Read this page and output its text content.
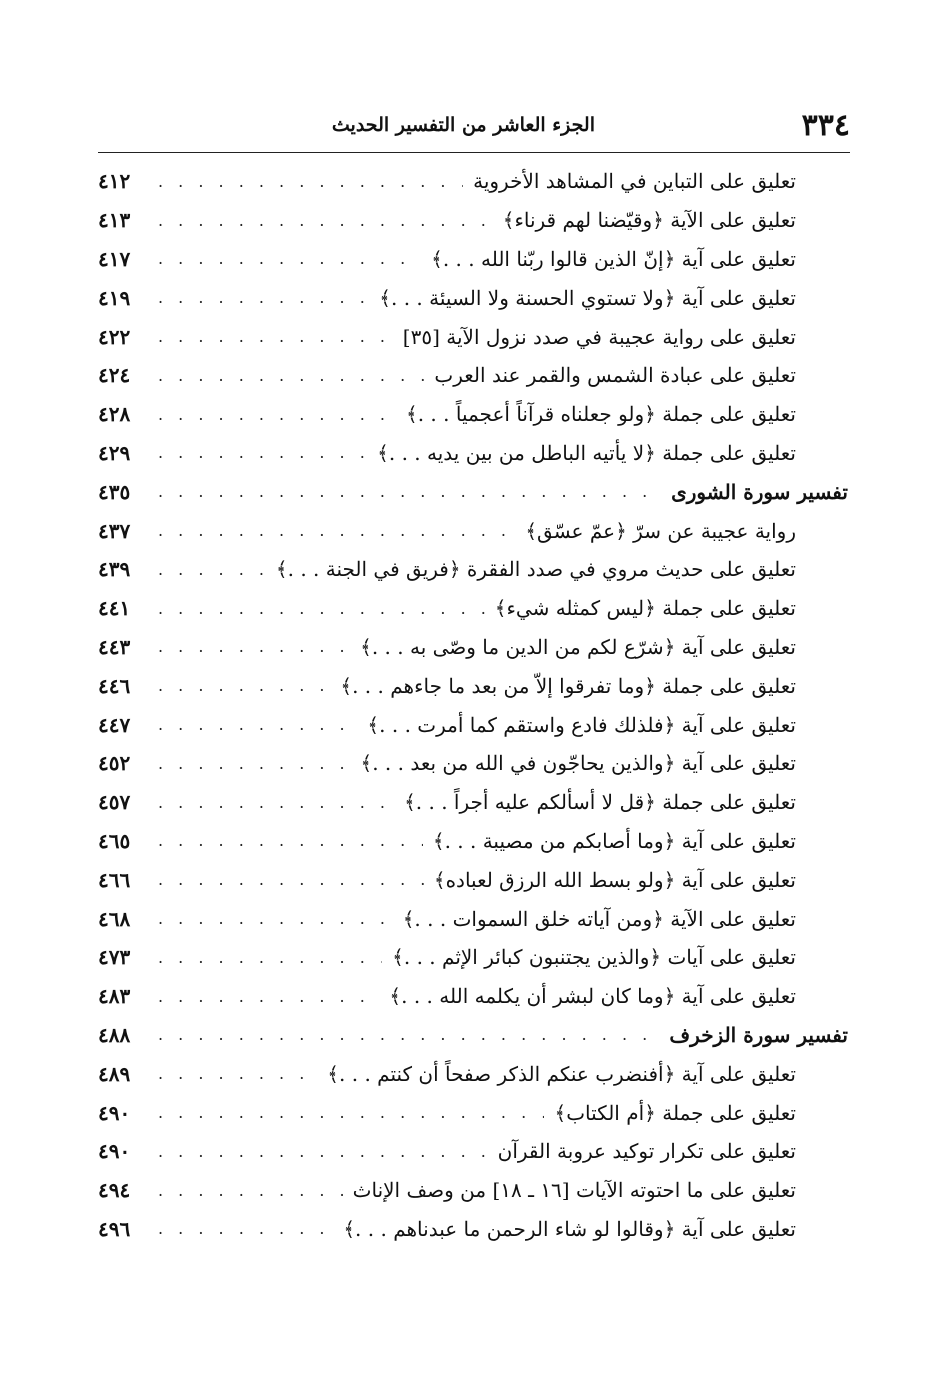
٣٣٤
الجزء العاشر من التفسير الحديث
تعليق على التباين في المشاهد الأخروية
. . .
٤١٢
تعليق على الآية ﴿وقيّضنا لهم قرناء﴾
. . .
٤١٣
تعليق على آية ﴿إنّ الذين قالوا ربّنا الله . . .﴾
. . .
٤١٧
تعليق على آية ﴿ولا تستوي الحسنة ولا السيئة . . .﴾
. . .
٤١٩
تعليق على رواية عجيبة في صدد نزول الآية [٣٥]
. . .
٤٢٢
تعليق على عبادة الشمس والقمر عند العرب
. . .
٤٢٤
تعليق على جملة ﴿ولو جعلناه قرآناً أعجمياً . . .﴾
. . .
٤٢٨
تعليق على جملة ﴿لا يأتيه الباطل من بين يديه . . .﴾
. . .
٤٢٩
تفسير سورة الشورى
. . .
٤٣٥
رواية عجيبة عن سرّ ﴿عمّ عسّق﴾
. . .
٤٣٧
تعليق على حديث مروي في صدد الفقرة ﴿فريق في الجنة . . .﴾
. . .
٤٣٩
تعليق على جملة ﴿ليس كمثله شيء﴾
. . .
٤٤١
تعليق على آية ﴿شرّع لكم من الدين ما وصّى به . . .﴾
. . .
٤٤٣
تعليق على جملة ﴿وما تفرقوا إلاّ من بعد ما جاءهم . . .﴾
. . .
٤٤٦
تعليق على آية ﴿فلذلك فادع واستقم كما أمرت . . .﴾
. . .
٤٤٧
تعليق على آية ﴿والذين يحاجّون في الله من بعد . . .﴾
. . .
٤٥٢
تعليق على جملة ﴿قل لا أسألكم عليه أجراً . . .﴾
. . .
٤٥٧
تعليق على آية ﴿وما أصابكم من مصيبة . . .﴾
. . .
٤٦٥
تعليق على آية ﴿ولو بسط الله الرزق لعباده﴾
. . .
٤٦٦
تعليق على الآية ﴿ومن آياته خلق السموات . . .﴾
. . .
٤٦٨
تعليق على آيات ﴿والذين يجتنبون كبائر الإثم . . .﴾
. . .
٤٧٣
تعليق على آية ﴿وما كان لبشر أن يكلمه الله . . .﴾
. . .
٤٨٣
تفسير سورة الزخرف
. . .
٤٨٨
تعليق على آية ﴿أفنضرب عنكم الذكر صفحاً أن كنتم . . .﴾
. . .
٤٨٩
تعليق على جملة ﴿أم الكتاب﴾
. . .
٤٩٠
تعليق على تكرار توكيد عروبة القرآن
. . .
٤٩٠
تعليق على ما احتوته الآيات [١٦ ـ ١٨] من وصف الإناث
. . .
٤٩٤
تعليق على آية ﴿وقالوا لو شاء الرحمن ما عبدناهم . . .﴾
. . .
٤٩٦
